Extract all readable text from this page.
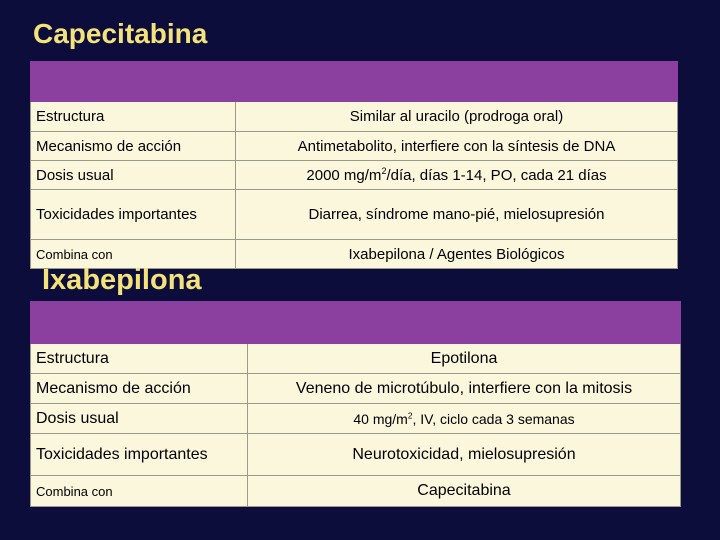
Capecitabina

Estructura	Similar al uracilo (prodroga oral)
Mecanismo de acción	Antimetabolito, interfiere con la síntesis de DNA
Dosis usual	2000 $mg/m^2$/día, días 1-14, PO, cada 21 días
Toxicidades importantes	Diarrea, síndrome mano-pié, mielosupresión
Combina con	Ixabepilona / Agentes Biológicos
Ixabepilona

Estructura	Epotilona
Mecanismo de acción	Veneno de microtúbulo, interfiere con la mitosis
Dosis usual	40 $mg/m^2$, IV, ciclo cada 3 semanas
Toxicidades importantes	Neurotoxicidad, mielosupresión
Combina con	Capecitabina
